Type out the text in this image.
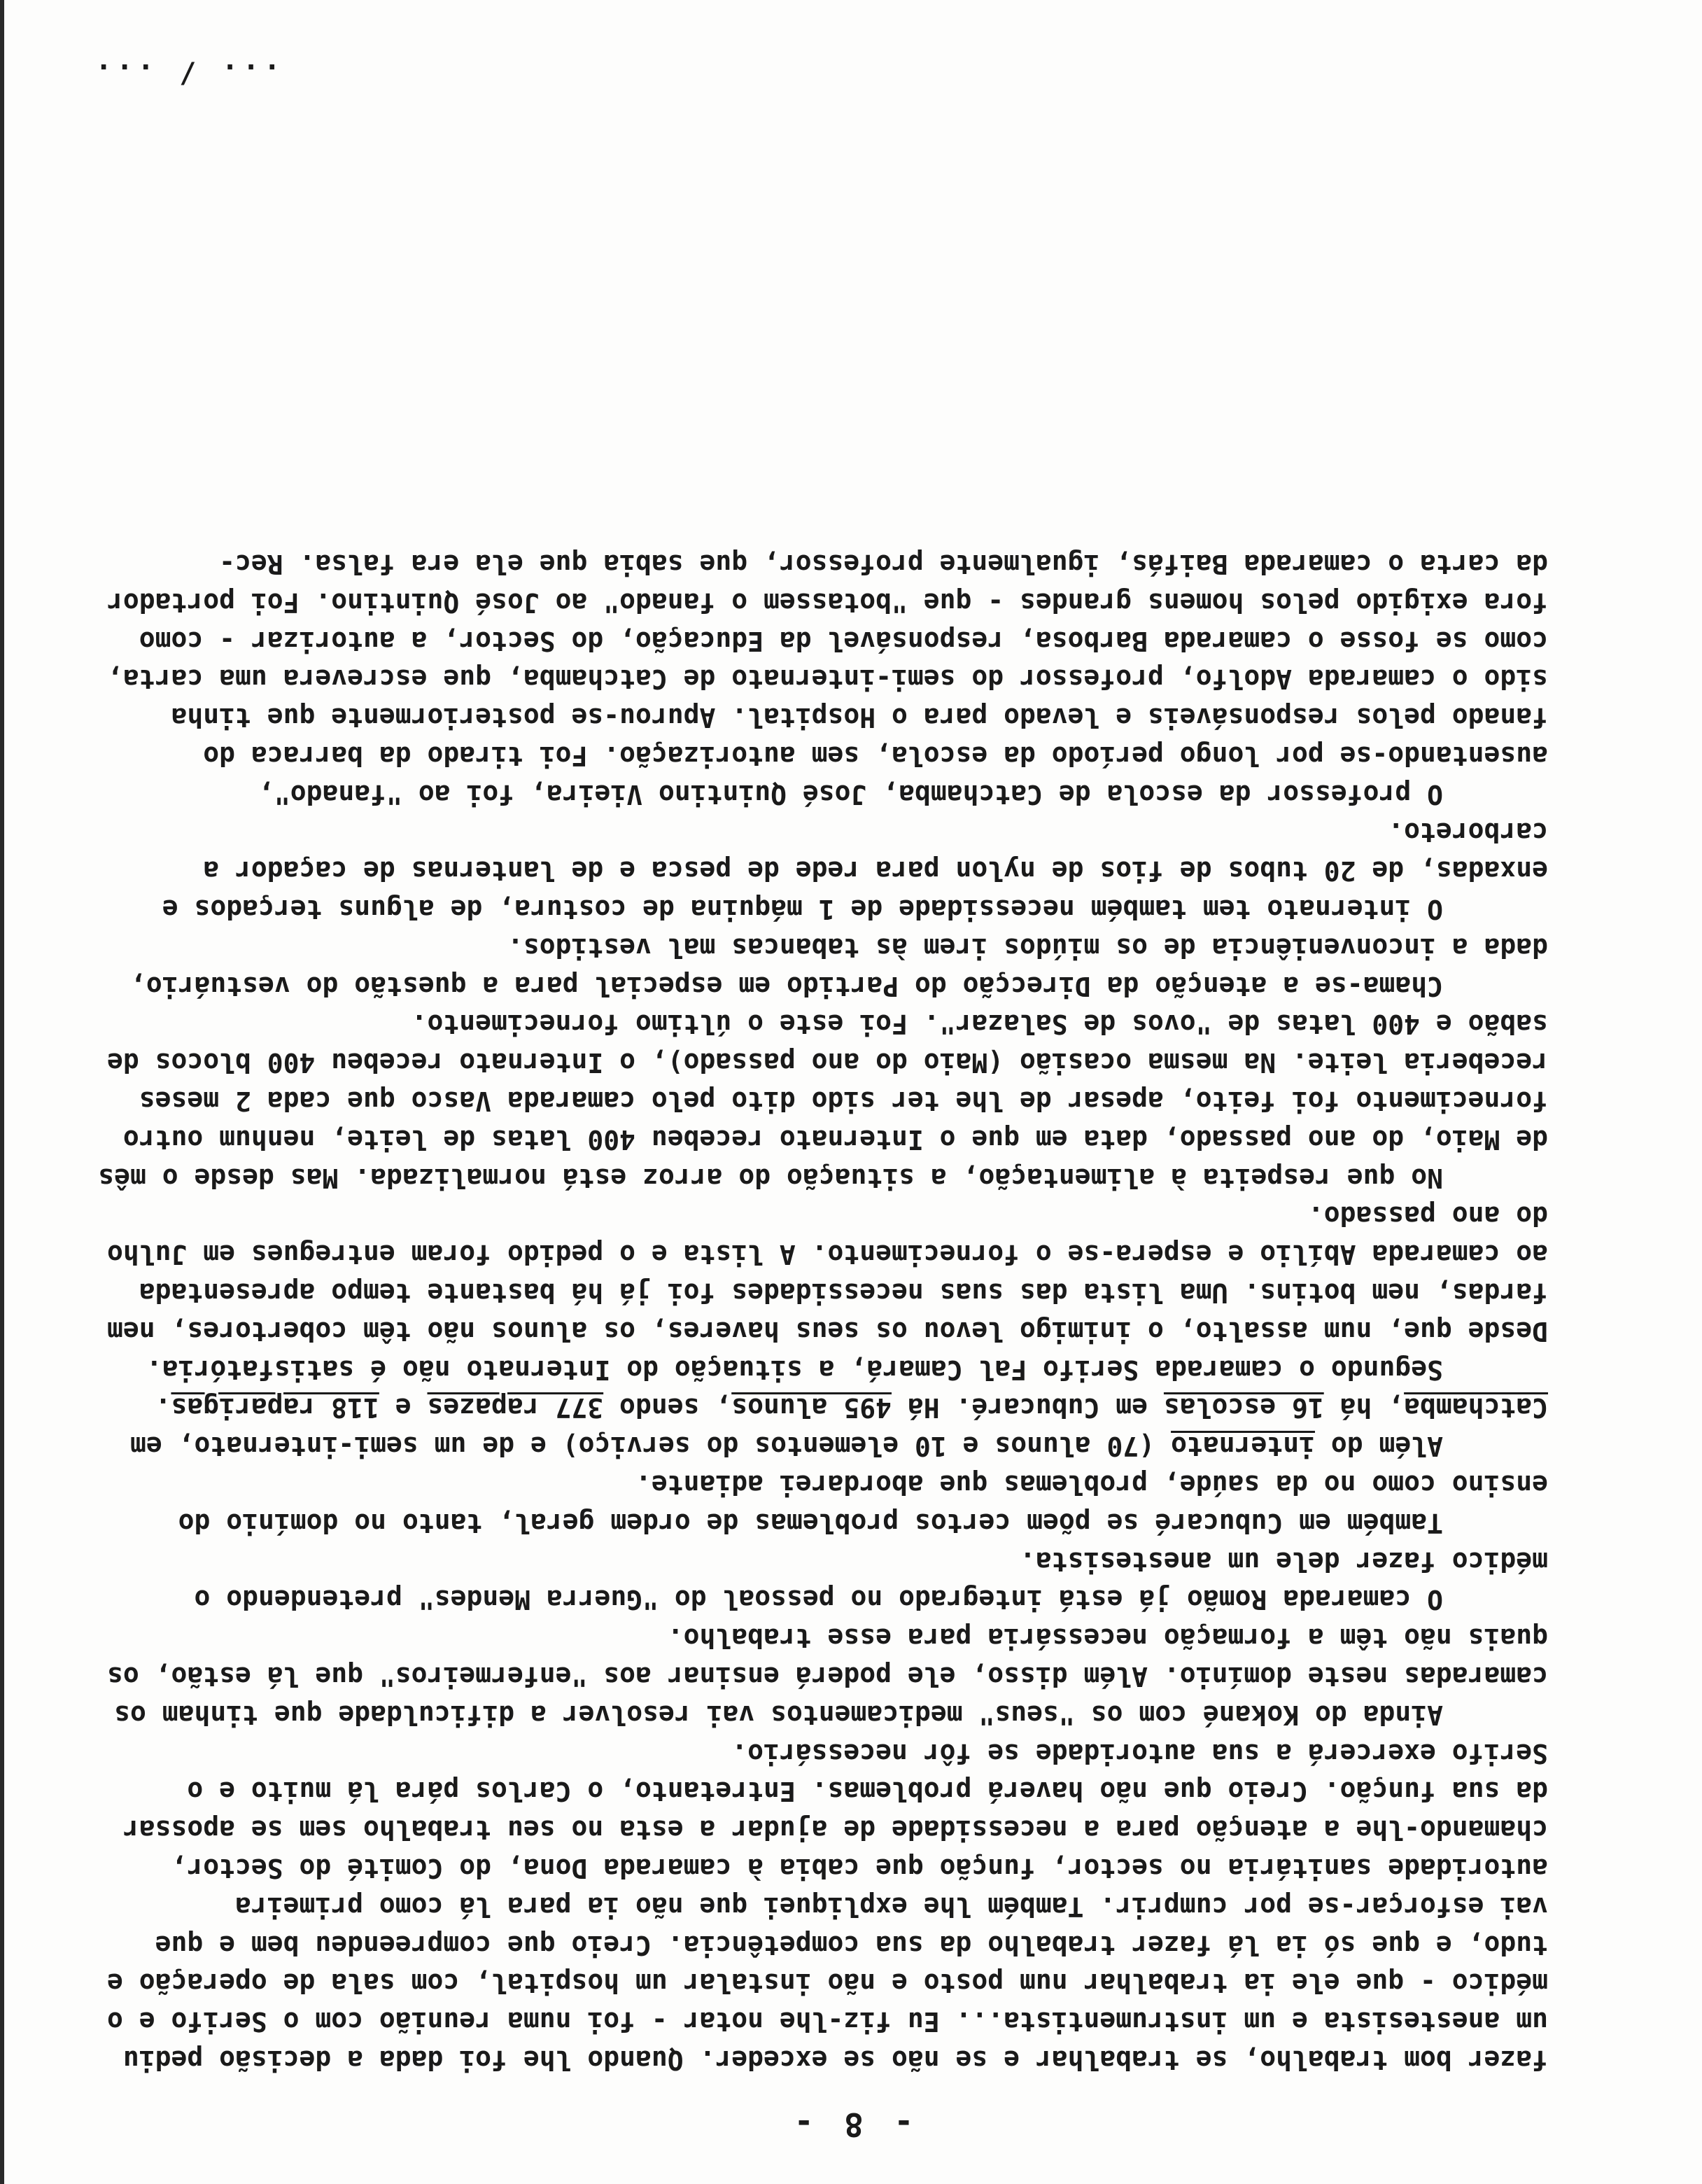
- 8 -

fazer bom trabalho, se trabalhar e se não se exceder. Quando lhe foi dada a decisão pediu um anestesista e um instrumentista... Eu fiz-lhe notar - foi numa reunião com o Serifo e o médico - que ele ia trabalhar num posto e não instalar um hospital, com sala de operação e tudo, e que só ia lá fazer trabalho da sua competência. Creio que compreendeu bem e que vai esforçar-se por cumprir. Também lhe expliquei que não ia para lá como primeira autoridade sanitária no sector, função que cabia à camarada Dona, do Comité do Sector, chamando-lhe a atenção para a necessidade de ajudar a esta no seu trabalho sem se apossar da sua função. Creio que não haverá problemas. Entretanto, o Carlos pára lá muito e o Serifo exercerá a sua autoridade se fôr necessário.

Ainda do Kokané com os "seus" medicamentos vai resolver a dificuldade que tinham os camaradas neste domínio. Além disso, ele poderá ensinar aos "enfermeiros" que lá estão, os quais não têm a formação necessária para esse trabalho.

O camarada Romão já está integrado no pessoal do "Guerra Mendes" pretendendo o médico fazer dele um anestesista.

Também em Cubucaré se põem certos problemas de ordem geral, tanto no domínio do ensino como no da saúde, problemas que abordarei adiante.

Além do internato (70 alunos e 10 elementos do serviço) e de um semi-internato, em Catchamba, há 16 escolas em Cubucaré. Há 495 alunos, sendo 377 rapazes e 118 raparigas.

Segundo o camarada Serifo Fal Camará, a situação do Internato não é satisfatória. Desde que, num assalto, o inimigo levou os seus haveres, os alunos não têm cobertores, nem fardas, nem botins. Uma lista das suas necessidades foi já há bastante tempo apresentada ao camarada Abílio e espera-se o fornecimento. A lista e o pedido foram entregues em Julho do ano passado.

No que respeita à alimentação, a situação do arroz está normalizada. Mas desde o mês de Maio, do ano passado, data em que o Internato recebeu 400 latas de leite, nenhum outro fornecimento foi feito, apesar de lhe ter sido dito pelo camarada Vasco que cada 2 meses receberia leite. Na mesma ocasião (Maio do ano passado), o Internato recebeu 400 blocos de sabão e 400 latas de "ovos de Salazar". Foi este o último fornecimento.

Chama-se a atenção da Direcção do Partido em especial para a questão do vestuário, dada a inconveniência de os miúdos irem às tabancas mal vestidos.

O internato tem também necessidade de 1 máquina de costura, de alguns terçados e enxadas, de 20 tubos de fios de nylon para rede de pesca e de lanternas de caçador a carboreto.

O professor da escola de Catchamba, José Quintino Vieira, foi ao "fanado", ausentando-se por longo período da escola, sem autorização. Foi tirado da barraca do fanado pelos responsáveis e levado para o Hospital. Apurou-se posteriormente que tinha sido o camarada Adolfo, professor do semi-internato de Catchamba, que escrevera uma carta, como se fosse o camarada Barbosa, responsável da Educação, do Sector, a autorizar - como fora exigido pelos homens grandes - que "botassem o fanado" ao José Quintino. Foi portador da carta o camarada Baifás, igualmente professor, que sabia que ela era falsa. Rec-

... / ...
